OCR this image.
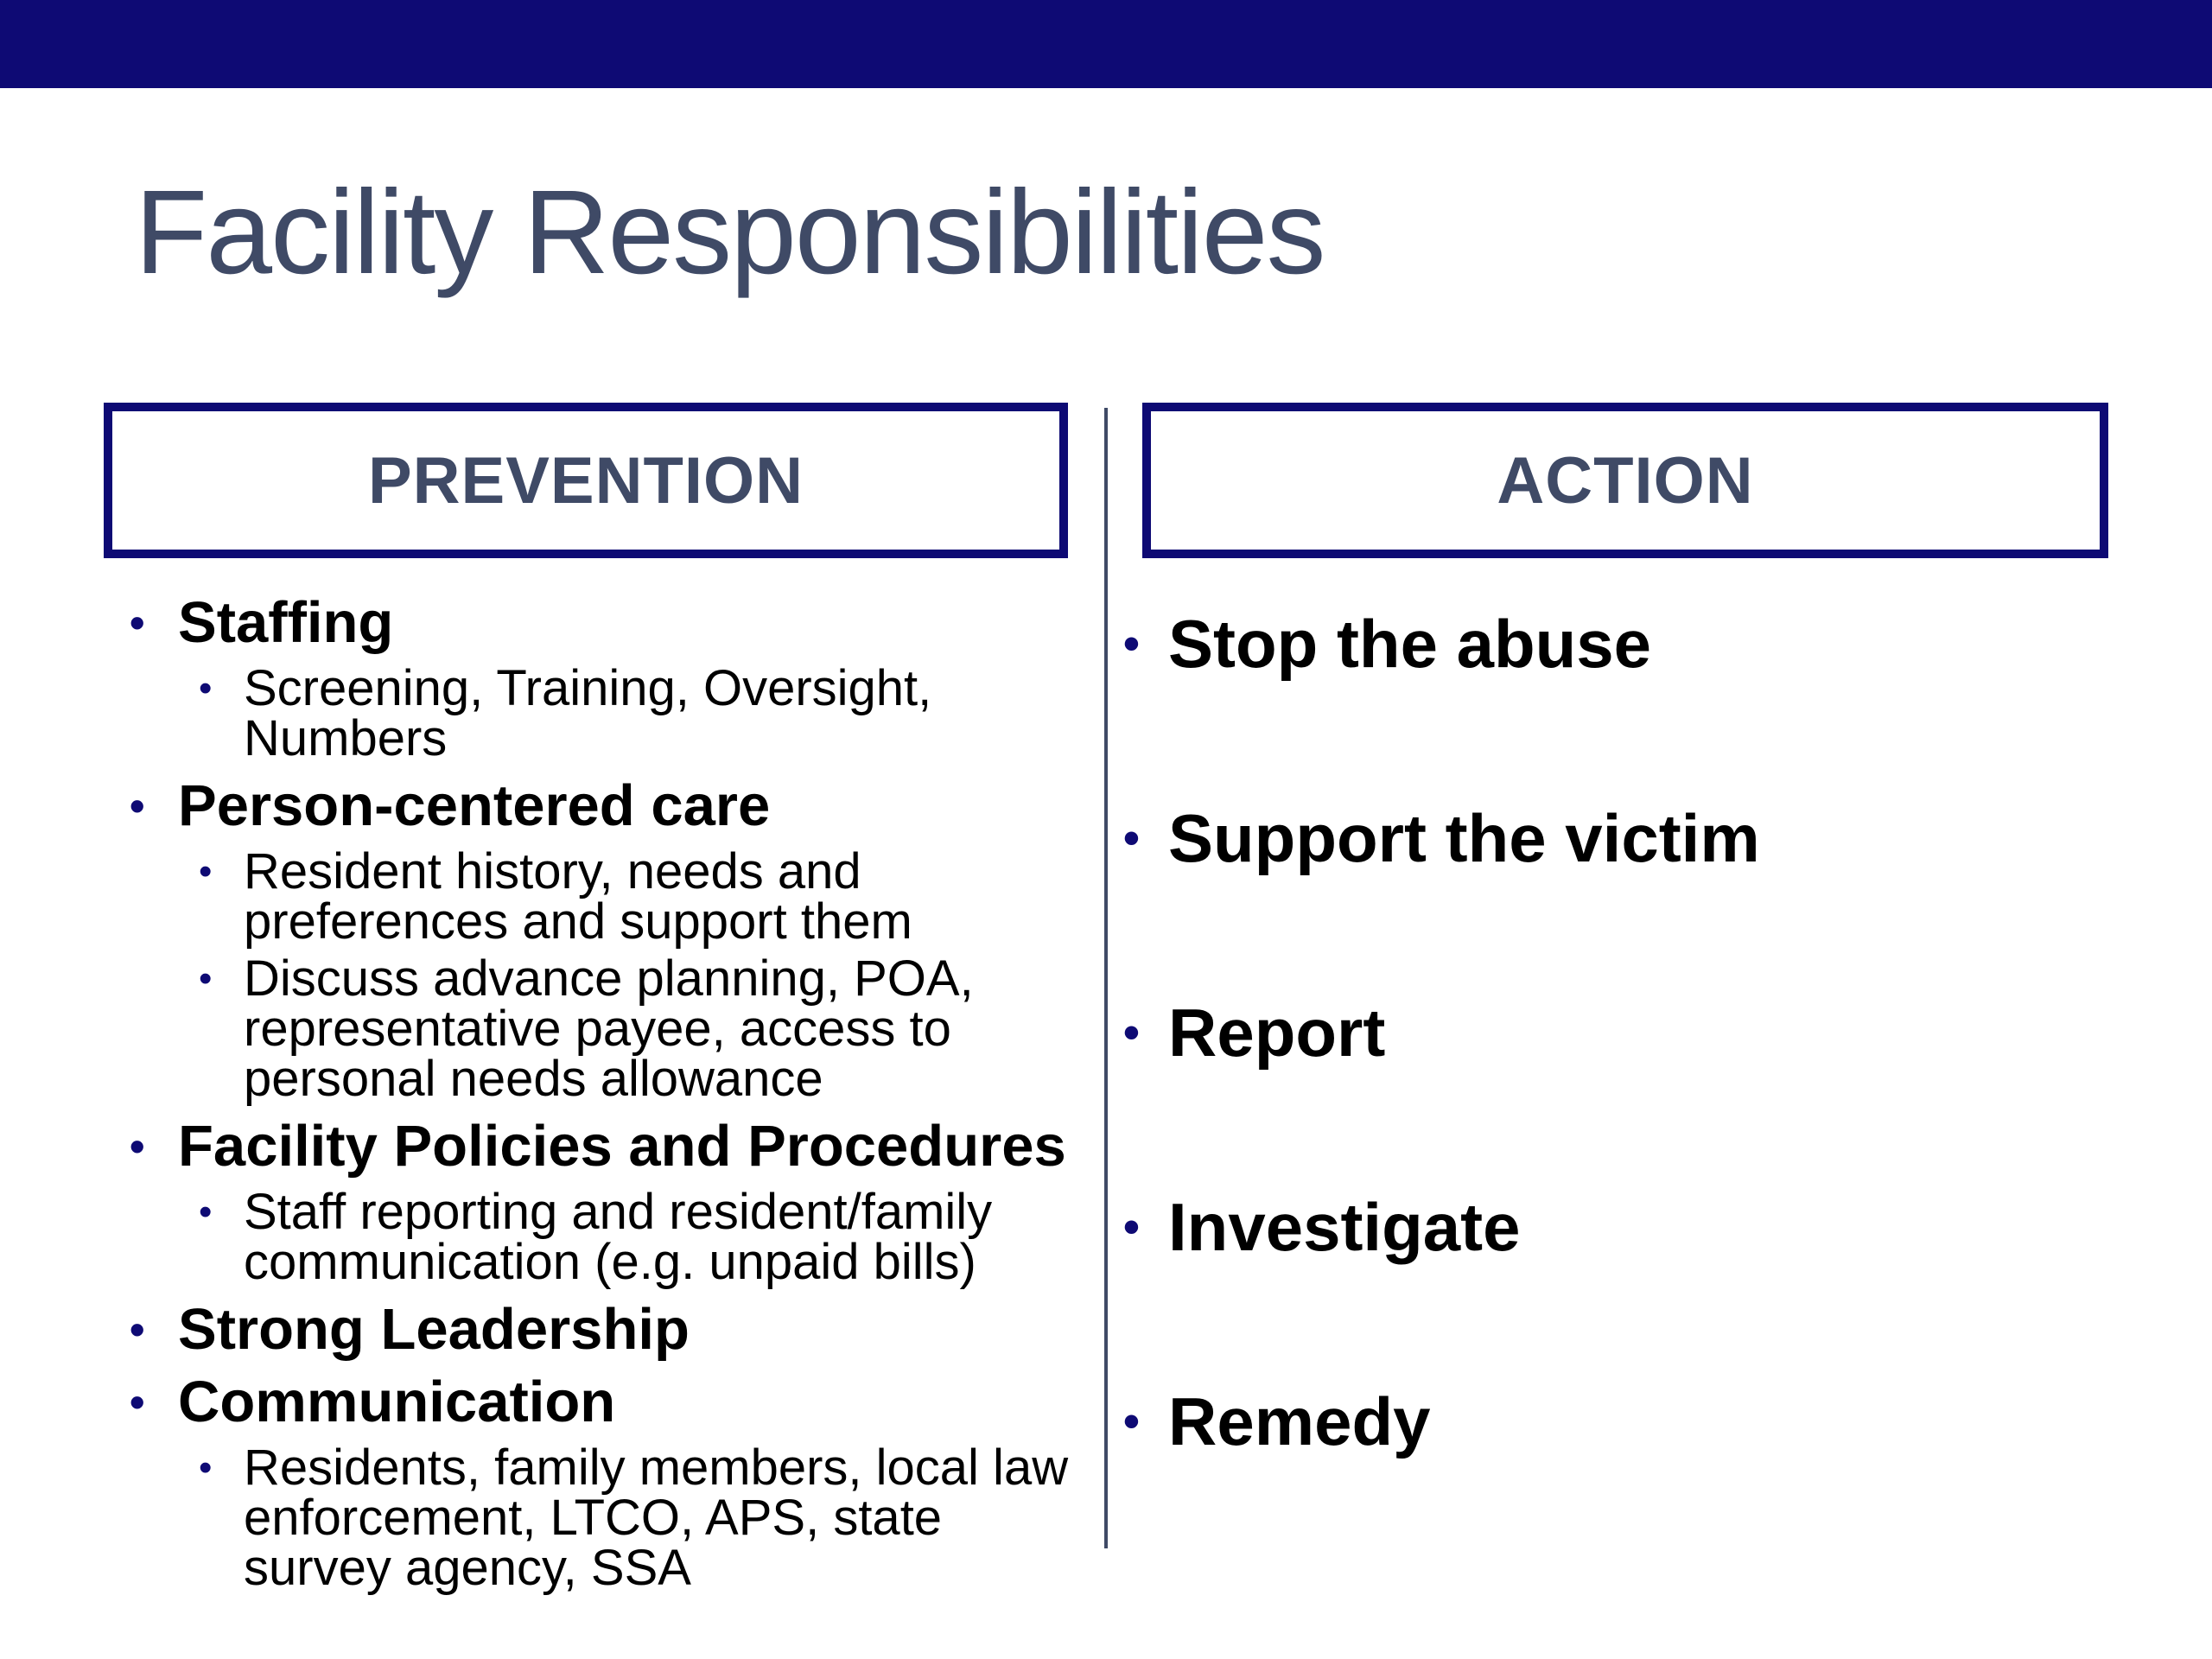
Facility Responsibilities
PREVENTION	ACTION
• Staffing
• Screening, Training, Oversight, Numbers
• Person-centered care
• Resident history, needs and preferences and support them
• Discuss advance planning, POA, representative payee, access to personal needs allowance
• Facility Policies and Procedures
• Staff reporting and resident/family communication (e.g. unpaid bills)
• Strong Leadership
• Communication
• Residents, family members, local law enforcement, LTCO, APS, state survey agency, SSA
• Stop the abuse
• Support the victim
• Report
• Investigate
• Remedy
